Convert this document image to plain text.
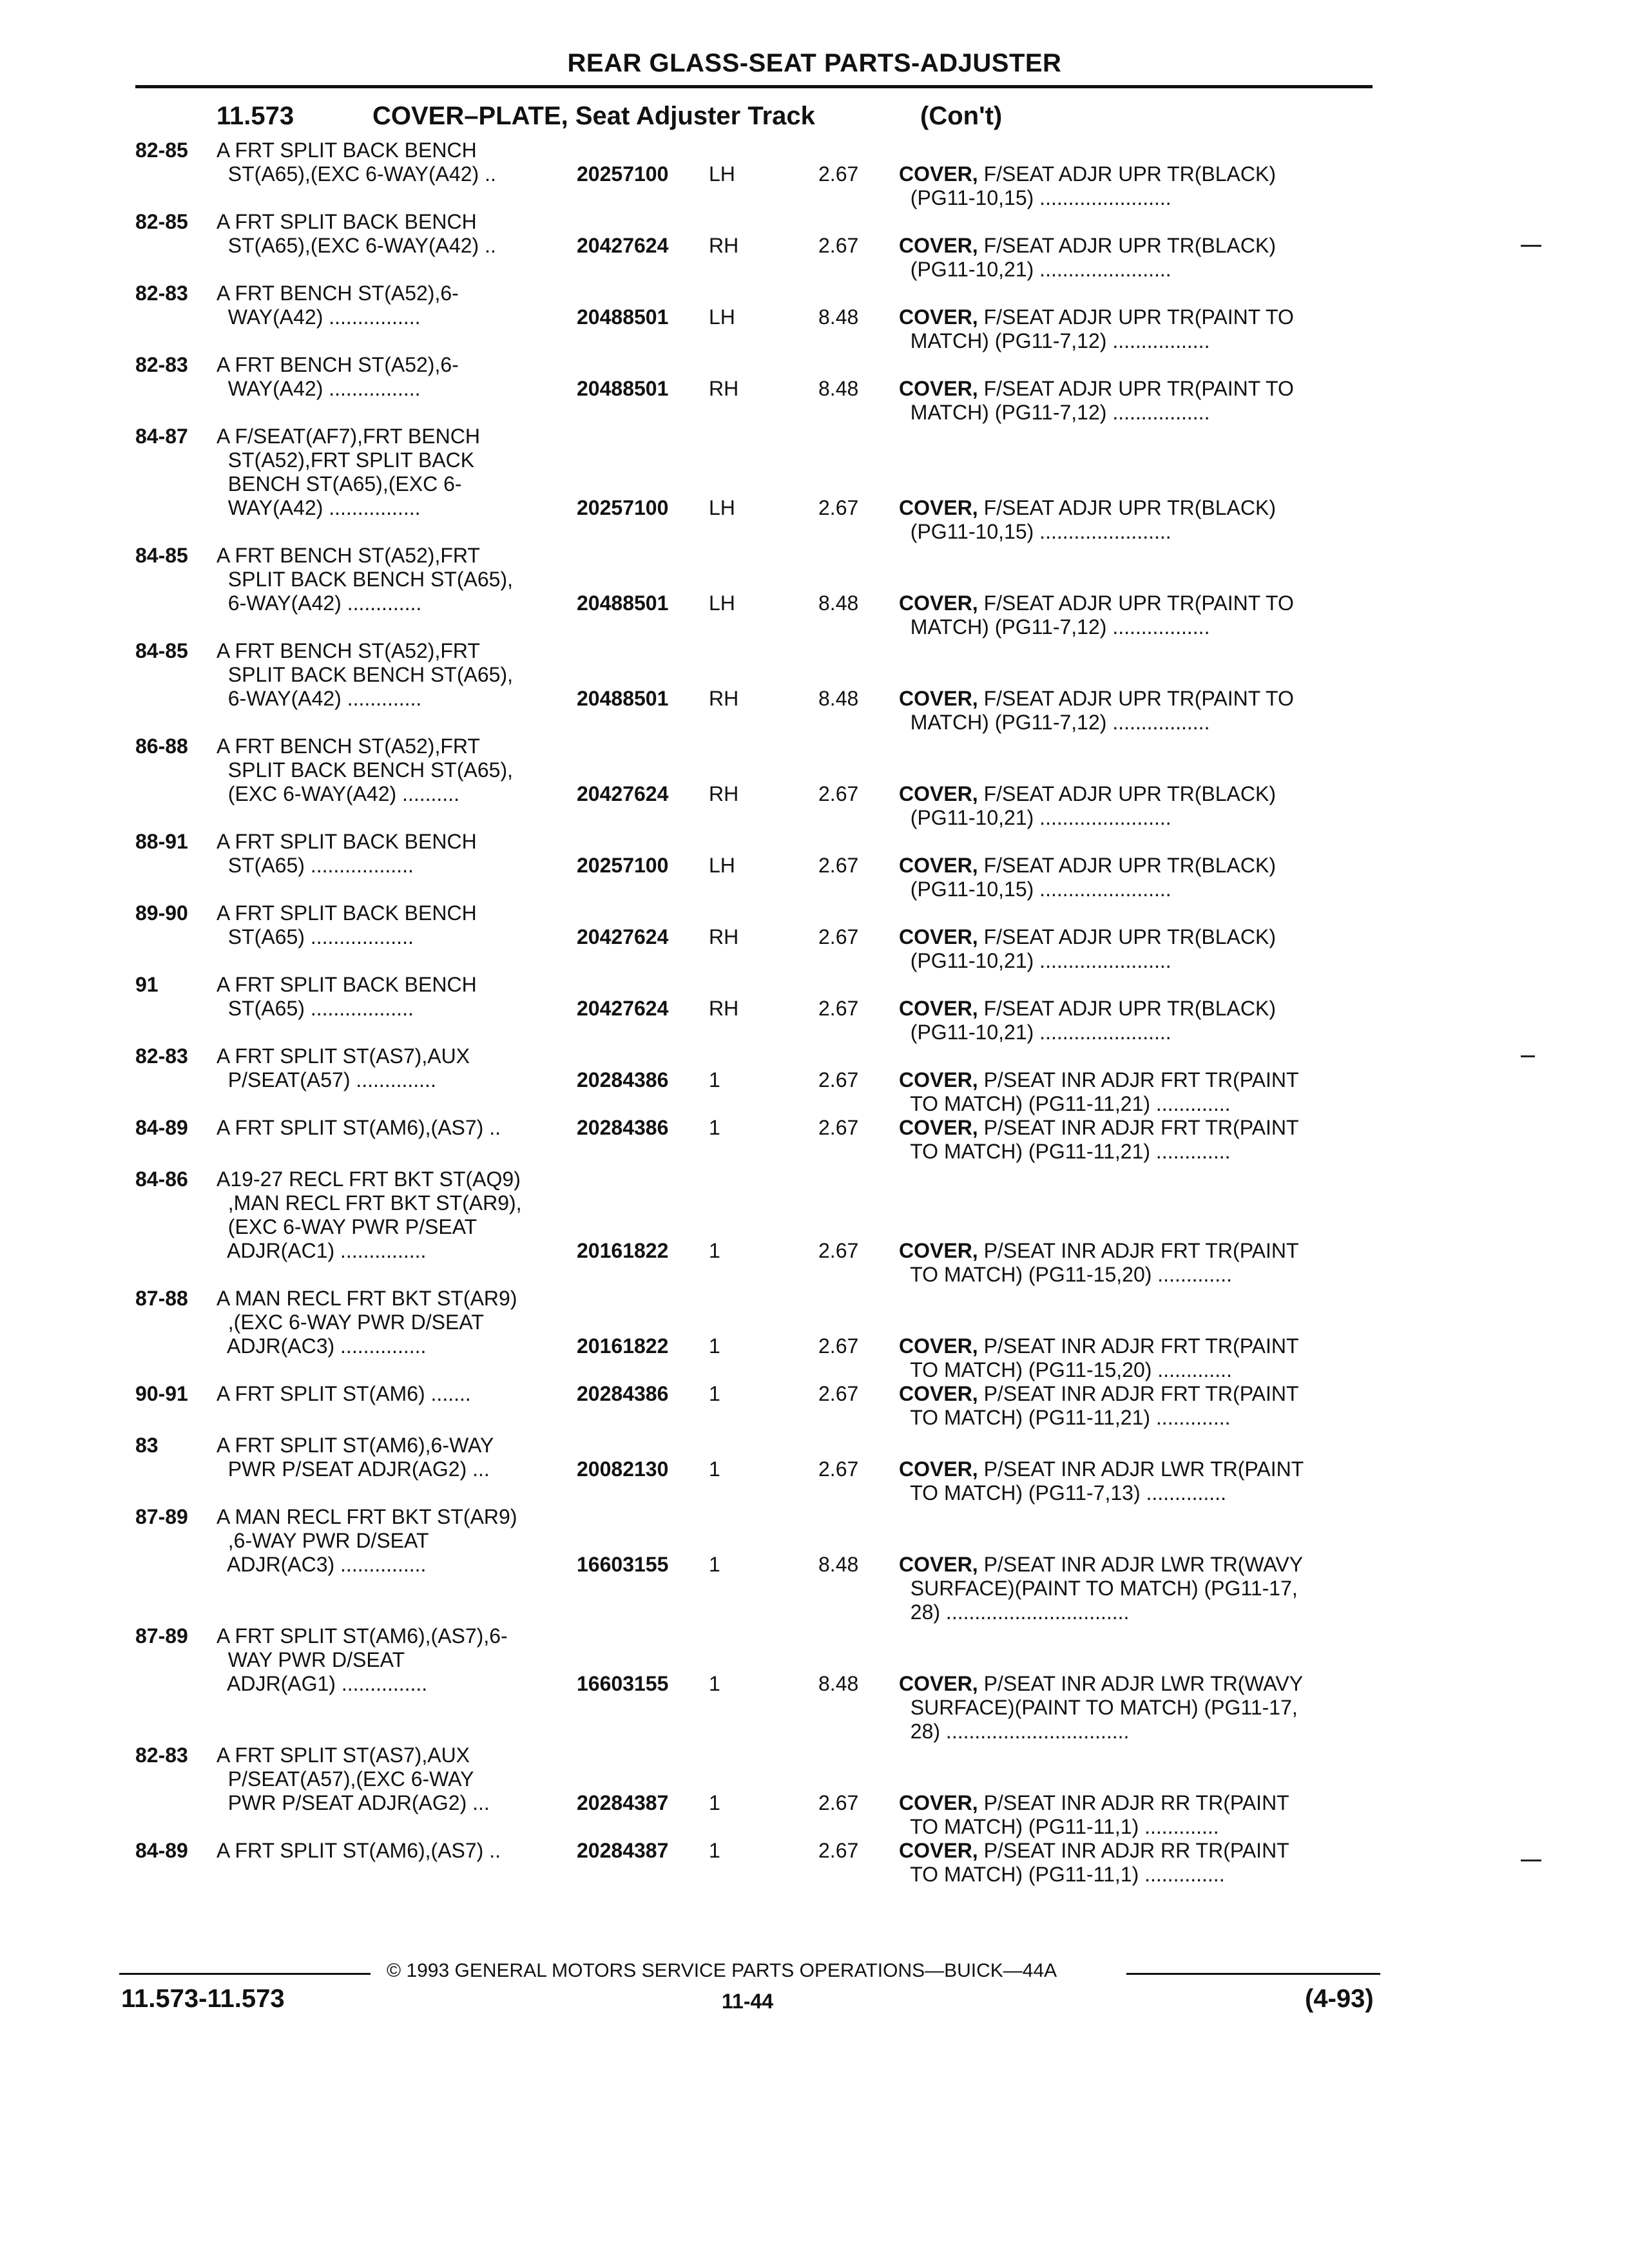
REAR GLASS-SEAT PARTS-ADJUSTER
11.573	COVER–PLATE, Seat Adjuster Track	(Con't)
82-85 A FRT SPLIT BACK BENCH
ST(A65),(EXC 6-WAY(A42) ..	20257100 LH	2.67 COVER, F/SEAT ADJR UPR TR(BLACK)
(PG11-10,15) .......................
82-85 A FRT SPLIT BACK BENCH
ST(A65),(EXC 6-WAY(A42) ..	20427624 RH	2.67 COVER, F/SEAT ADJR UPR TR(BLACK)
(PG11-10,21) .......................
82-83 A FRT BENCH ST(A52),6-
WAY(A42) ................	20488501 LH	8.48 COVER, F/SEAT ADJR UPR TR(PAINT TO
MATCH) (PG11-7,12) .................
82-83 A FRT BENCH ST(A52),6-
WAY(A42) ................	20488501 RH	8.48 COVER, F/SEAT ADJR UPR TR(PAINT TO
MATCH) (PG11-7,12) .................
84-87 A F/SEAT(AF7),FRT BENCH
ST(A52),FRT SPLIT BACK
BENCH ST(A65),(EXC 6-
WAY(A42) ................	20257100 LH	2.67 COVER, F/SEAT ADJR UPR TR(BLACK)
(PG11-10,15) .......................
84-85 A FRT BENCH ST(A52),FRT
SPLIT BACK BENCH ST(A65),
6-WAY(A42) .............	20488501 LH	8.48 COVER, F/SEAT ADJR UPR TR(PAINT TO
MATCH) (PG11-7,12) .................
84-85 A FRT BENCH ST(A52),FRT
SPLIT BACK BENCH ST(A65),
6-WAY(A42) .............	20488501 RH	8.48 COVER, F/SEAT ADJR UPR TR(PAINT TO
MATCH) (PG11-7,12) .................
86-88 A FRT BENCH ST(A52),FRT
SPLIT BACK BENCH ST(A65),
(EXC 6-WAY(A42) ..........	20427624 RH	2.67 COVER, F/SEAT ADJR UPR TR(BLACK)
(PG11-10,21) .......................
88-91 A FRT SPLIT BACK BENCH
ST(A65) ..................	20257100 LH	2.67 COVER, F/SEAT ADJR UPR TR(BLACK)
(PG11-10,15) .......................
89-90 A FRT SPLIT BACK BENCH
ST(A65) ..................	20427624 RH	2.67 COVER, F/SEAT ADJR UPR TR(BLACK)
(PG11-10,21) .......................
91	A FRT SPLIT BACK BENCH
ST(A65) ..................	20427624 RH	2.67 COVER, F/SEAT ADJR UPR TR(BLACK)
(PG11-10,21) .......................
82-83 A FRT SPLIT ST(AS7),AUX
P/SEAT(A57) ..............	20284386 1	2.67 COVER, P/SEAT INR ADJR FRT TR(PAINT
TO MATCH) (PG11-11,21) .............
84-89 A FRT SPLIT ST(AM6),(AS7) ..	20284386 1	2.67 COVER, P/SEAT INR ADJR FRT TR(PAINT
TO MATCH) (PG11-11,21) .............
84-86 A19-27 RECL FRT BKT ST(AQ9)
,MAN RECL FRT BKT ST(AR9),
(EXC 6-WAY PWR P/SEAT
ADJR(AC1) ...............	20161822 1	2.67 COVER, P/SEAT INR ADJR FRT TR(PAINT
TO MATCH) (PG11-15,20) .............
87-88 A MAN RECL FRT BKT ST(AR9)
,(EXC 6-WAY PWR D/SEAT
ADJR(AC3) ...............	20161822 1	2.67 COVER, P/SEAT INR ADJR FRT TR(PAINT
TO MATCH) (PG11-15,20) .............
90-91 A FRT SPLIT ST(AM6) .......	20284386 1	2.67 COVER, P/SEAT INR ADJR FRT TR(PAINT
TO MATCH) (PG11-11,21) .............
83	A FRT SPLIT ST(AM6),6-WAY
PWR P/SEAT ADJR(AG2) ...	20082130 1	2.67 COVER, P/SEAT INR ADJR LWR TR(PAINT
TO MATCH) (PG11-7,13) ..............
87-89 A MAN RECL FRT BKT ST(AR9)
,6-WAY PWR D/SEAT
ADJR(AC3) ...............	16603155 1	8.48 COVER, P/SEAT INR ADJR LWR TR(WAVY
SURFACE)(PAINT TO MATCH) (PG11-17,
28) ................................
87-89 A FRT SPLIT ST(AM6),(AS7),6-
WAY PWR D/SEAT
ADJR(AG1) ...............	16603155 1	8.48 COVER, P/SEAT INR ADJR LWR TR(WAVY
SURFACE)(PAINT TO MATCH) (PG11-17,
28) ................................
82-83 A FRT SPLIT ST(AS7),AUX
P/SEAT(A57),(EXC 6-WAY
PWR P/SEAT ADJR(AG2) ...	20284387 1	2.67 COVER, P/SEAT INR ADJR RR TR(PAINT
TO MATCH) (PG11-11,1) .............
84-89 A FRT SPLIT ST(AM6),(AS7) ..	20284387 1	2.67 COVER, P/SEAT INR ADJR RR TR(PAINT
TO MATCH) (PG11-11,1) ..............
© 1993 GENERAL MOTORS SERVICE PARTS OPERATIONS—BUICK—44A
11.573-11.573	11-44	(4-93)
